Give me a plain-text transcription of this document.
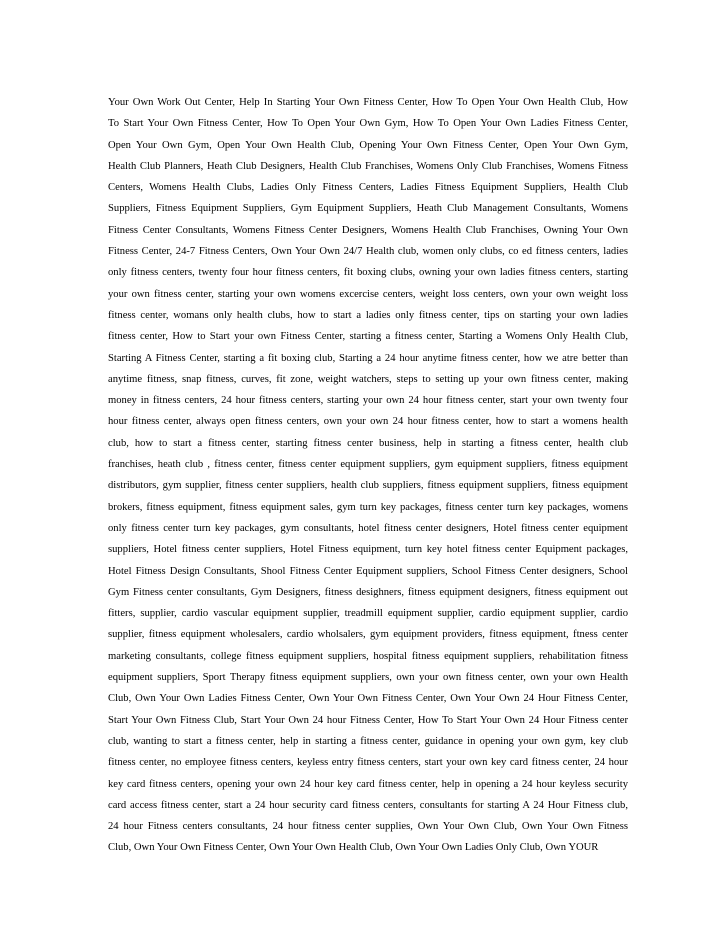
Your Own Work Out Center, Help In Starting Your Own Fitness Center, How To Open Your Own Health Club, How
To Start Your Own Fitness Center, How To Open Your Own Gym, How To Open Your Own Ladies Fitness Center,
Open Your Own Gym, Open Your Own Health Club, Opening Your Own Fitness Center, Open Your Own Gym,
Health Club Planners, Heath Club Designers, Health Club Franchises, Womens Only Club Franchises, Womens Fitness
Centers, Womens Health Clubs, Ladies Only Fitness Centers, Ladies Fitness Equipment Suppliers, Health Club
Suppliers, Fitness Equipment Suppliers, Gym Equipment Suppliers, Heath Club Management Consultants, Womens
Fitness Center Consultants, Womens Fitness Center Designers, Womens Health Club Franchises, Owning Your Own
Fitness Center, 24-7 Fitness Centers, Own Your Own 24/7 Health club, women only clubs, co ed fitness centers, ladies
only fitness centers, twenty four hour fitness centers, fit boxing clubs, owning your own ladies fitness centers, starting
your own fitness center, starting your own womens excercise centers, weight loss centers, own your own weight loss
fitness center, womans only health clubs, how to start a ladies only fitness center, tips on starting your own ladies
fitness center, How to Start your own Fitness Center, starting a fitness center, Starting a Womens Only Health Club,
Starting A Fitness Center, starting a fit boxing club, Starting a 24 hour anytime fitness center, how we atre better than
anytime fitness, snap fitness, curves, fit zone, weight watchers, steps to setting up your own fitness center, making
money in fitness centers, 24 hour fitness centers, starting your own 24 hour fitness center, start your own twenty four
hour fitness center, always open fitness centers, own your own 24 hour fitness center, how to start a womens health
club, how to start a fitness center, starting fitness center business, help in starting a fitness center, health club
franchises, heath club , fitness center, fitness center equipment suppliers, gym equipment suppliers, fitness equipment
distributors, gym supplier, fitness center suppliers, health club suppliers, fitness equipment suppliers, fitness equipment
brokers, fitness equipment, fitness equipment sales, gym turn key packages, fitness center turn key packages, womens
only fitness center turn key packages, gym consultants, hotel fitness center designers, Hotel fitness center equipment
suppliers, Hotel fitness center suppliers, Hotel Fitness equipment, turn key hotel fitness center Equipment packages,
Hotel Fitness Design Consultants, Shool Fitness Center Equipment suppliers, School Fitness Center designers, School
Gym Fitness center consultants, Gym Designers, fitness desighners, fitness equipment designers, fitness equipment out
fitters, supplier, cardio vascular equipment supplier, treadmill equipment supplier, cardio equipment supplier, cardio
supplier, fitness equipment wholesalers, cardio wholsalers, gym equipment providers, fitness equipment, ftness center
marketing consultants, college fitness equipment suppliers, hospital fitness equipment suppliers, rehabilitation fitness
equipment suppliers, Sport Therapy fitness equipment suppliers, own your own fitness center, own your own Health
Club, Own Your Own Ladies Fitness Center, Own Your Own Fitness Center, Own Your Own 24 Hour Fitness Center,
Start Your Own Fitness Club, Start Your Own 24 hour Fitness Center, How To Start Your Own 24 Hour Fitness center
club, wanting to start a fitness center, help in starting a fitness center, guidance in opening your own gym, key club
fitness center, no employee fitness centers, keyless entry fitness centers, start your own key card fitness center, 24 hour
key card fitness centers, opening your own 24 hour key card fitness center, help in opening a 24 hour keyless security
card access fitness center, start a 24 hour security card fitness centers, consultants for starting A 24 Hour Fitness club,
24 hour Fitness centers consultants, 24 hour fitness center supplies, Own Your Own Club, Own Your Own Fitness
Club, Own Your Own Fitness Center, Own Your Own Health Club, Own Your Own Ladies Only Club, Own YOUR
